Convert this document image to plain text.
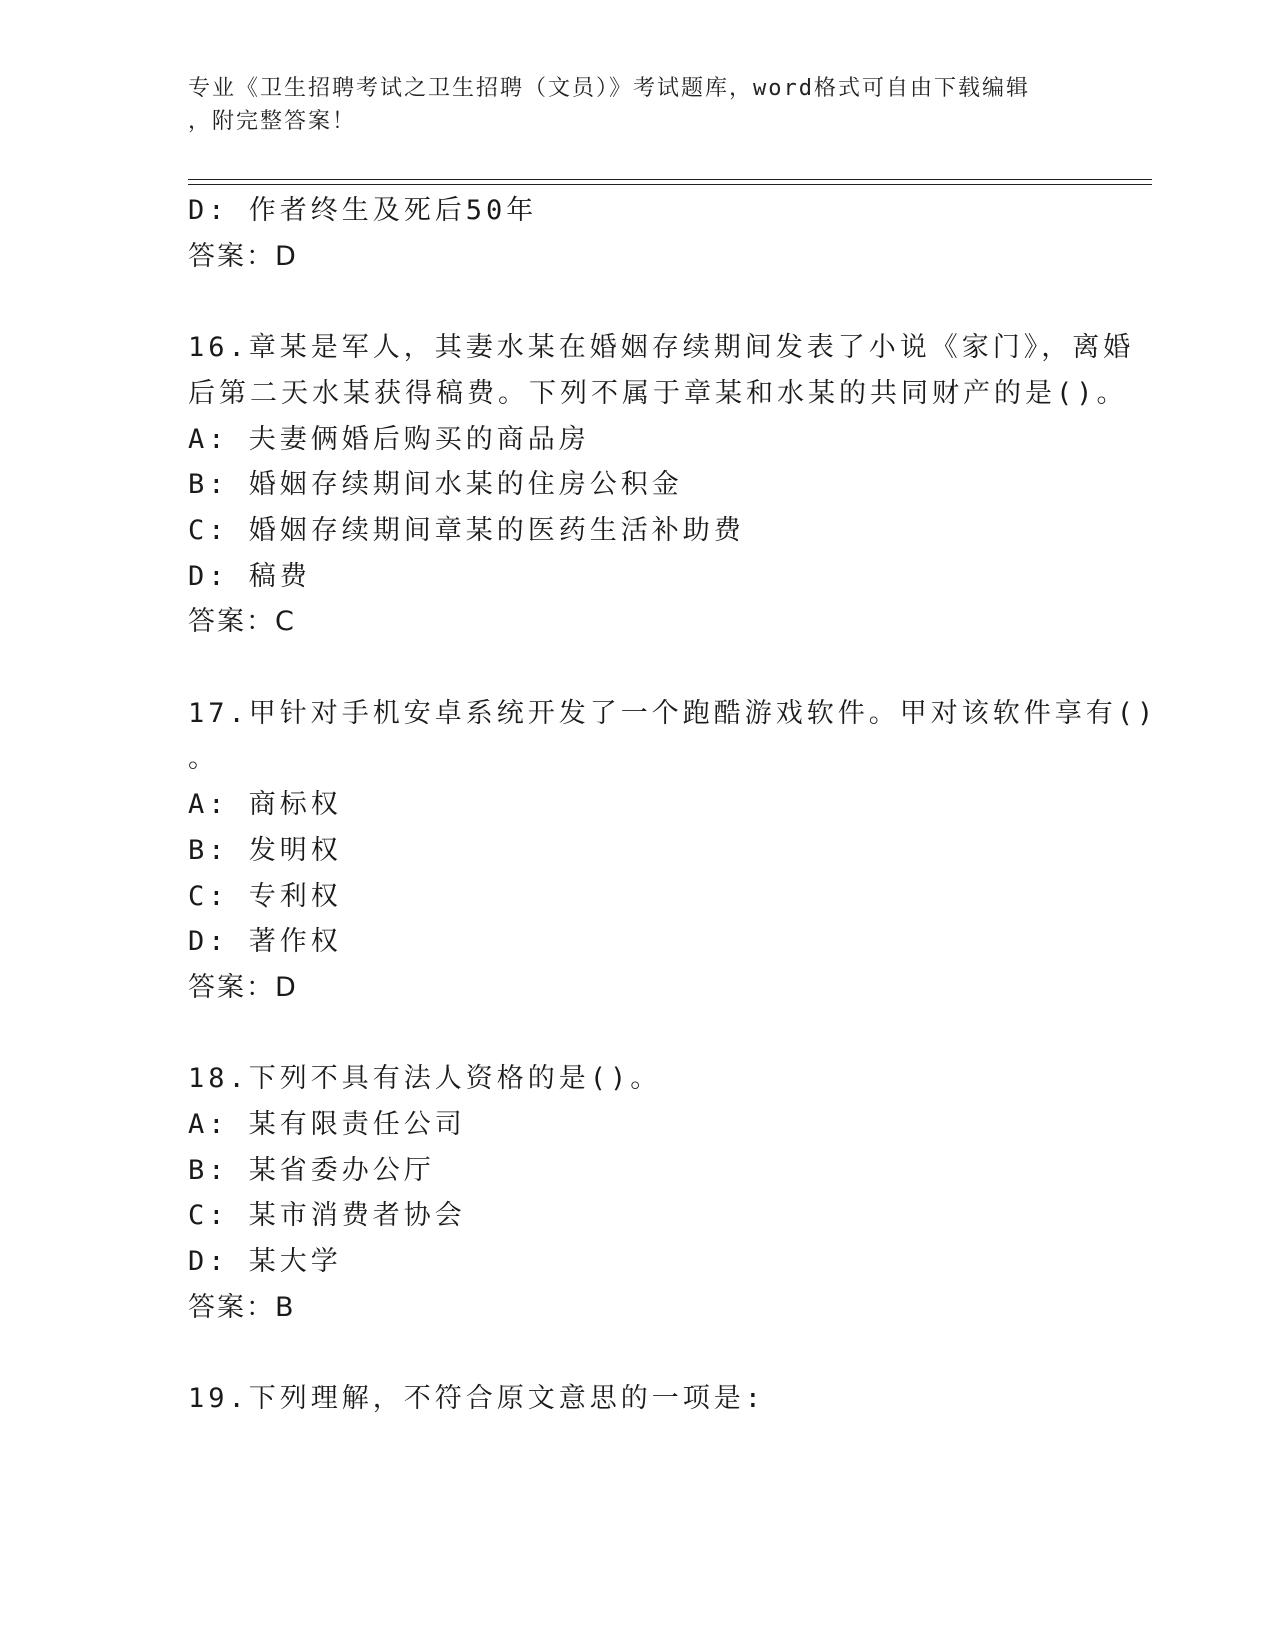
专业《卫生招聘考试之卫生招聘（文员）》考试题库，word格式可自由下载编辑
，附完整答案！
D: 作者终生及死后50年
答案：D
16.章某是军人，其妻水某在婚姻存续期间发表了小说《家门》，离婚
后第二天水某获得稿费。下列不属于章某和水某的共同财产的是()。
A: 夫妻俩婚后购买的商品房
B: 婚姻存续期间水某的住房公积金
C: 婚姻存续期间章某的医药生活补助费
D: 稿费
答案：C
17.甲针对手机安卓系统开发了一个跑酷游戏软件。甲对该软件享有()
。
A: 商标权
B: 发明权
C: 专利权
D: 著作权
答案：D
18.下列不具有法人资格的是()。
A: 某有限责任公司
B: 某省委办公厅
C: 某市消费者协会
D: 某大学
答案：B
19.下列理解，不符合原文意思的一项是:
